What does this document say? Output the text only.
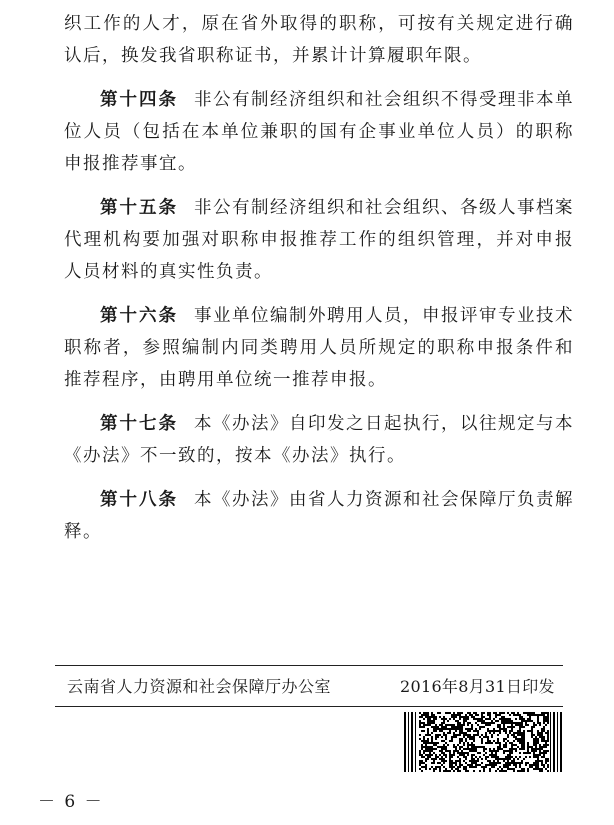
织工作的人才，原在省外取得的职称，可按有关规定进行确认后，换发我省职称证书，并累计计算履职年限。

第十四条 非公有制经济组织和社会组织不得受理非本单位人员（包括在本单位兼职的国有企事业单位人员）的职称申报推荐事宜。

第十五条 非公有制经济组织和社会组织、各级人事档案代理机构要加强对职称申报推荐工作的组织管理，并对申报人员材料的真实性负责。

第十六条 事业单位编制外聘用人员，申报评审专业技术职称者，参照编制内同类聘用人员所规定的职称申报条件和推荐程序，由聘用单位统一推荐申报。

第十七条 本《办法》自印发之日起执行，以往规定与本《办法》不一致的，按本《办法》执行。

第十八条 本《办法》由省人力资源和社会保障厅负责解释。

云南省人力资源和社会保障厅办公室	2016年8月31日印发
－ 6 －
